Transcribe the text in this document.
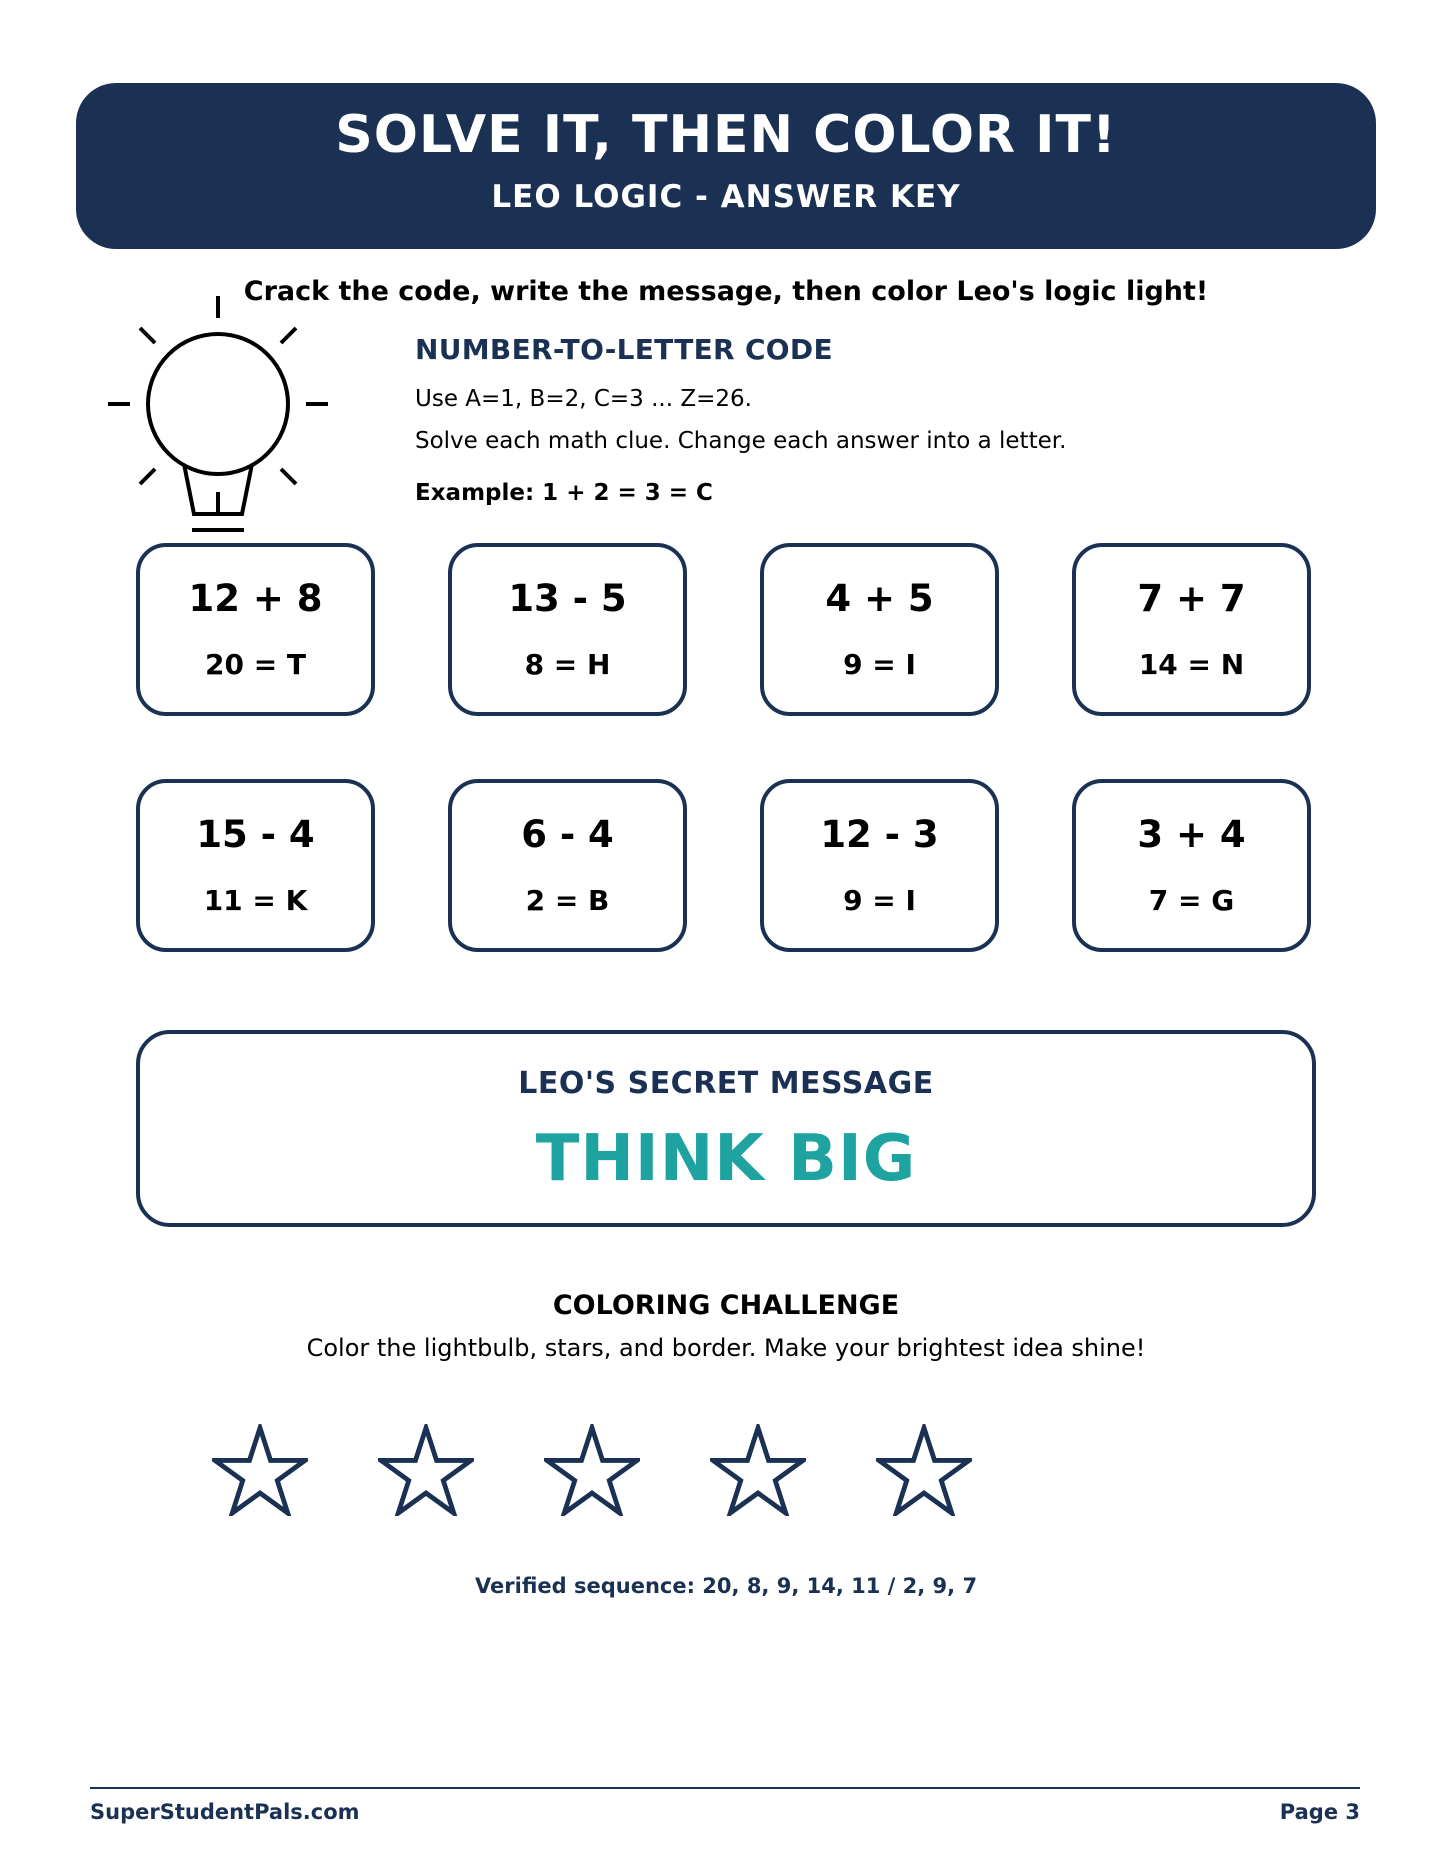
SOLVE IT, THEN COLOR IT!
LEO LOGIC - ANSWER KEY
Crack the code, write the message, then color Leo's logic light!
NUMBER-TO-LETTER CODE
Use A=1, B=2, C=3 ... Z=26.
Solve each math clue. Change each answer into a letter.
Example: 1 + 2 = 3 = C
12 + 8
20 = T
13 - 5
8 = H
4 + 5
9 = I
7 + 7
14 = N
15 - 4
11 = K
6 - 4
2 = B
12 - 3
9 = I
3 + 4
7 = G
LEO'S SECRET MESSAGE
THINK BIG
COLORING CHALLENGE
Color the lightbulb, stars, and border. Make your brightest idea shine!
Verified sequence: 20, 8, 9, 14, 11 / 2, 9, 7
SuperStudentPals.com	Page 3
